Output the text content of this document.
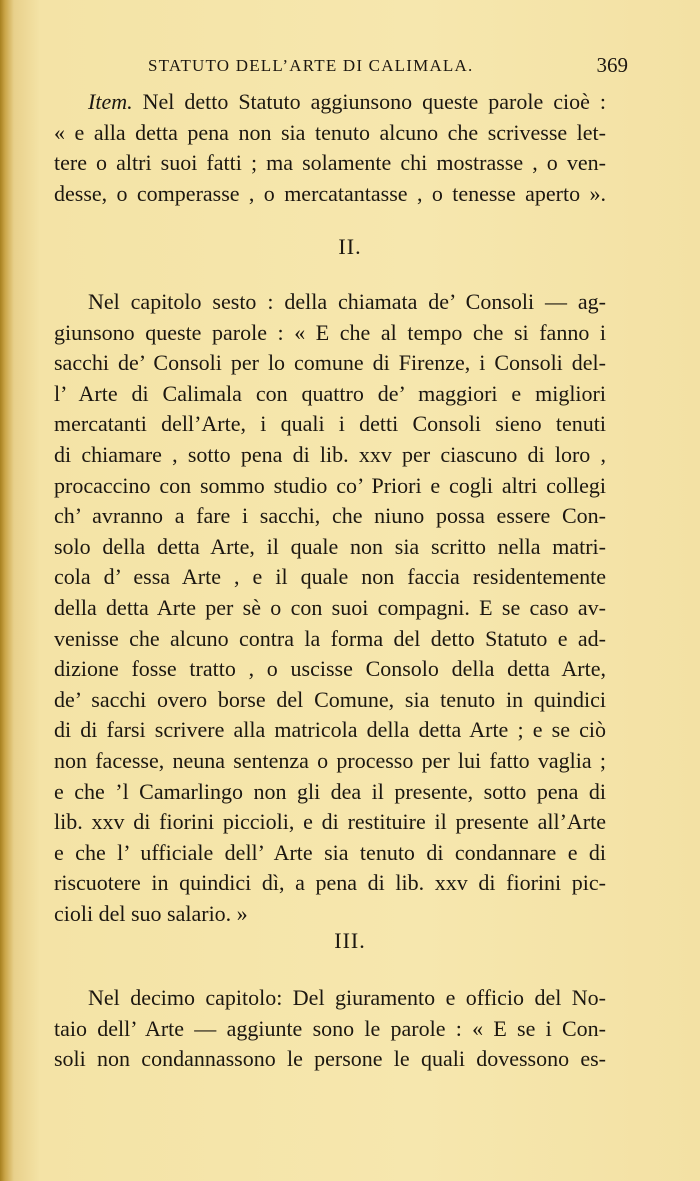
STATUTO DELL’ARTE DI CALIMALA.	369
Item. Nel detto Statuto aggiunsono queste parole cioè :
« e alla detta pena non sia tenuto alcuno che scrivesse let-
tere o altri suoi fatti ; ma solamente chi mostrasse , o ven-
desse, o comperasse , o mercatantasse , o tenesse aperto ».
II.
Nel capitolo sesto : della chiamata de’ Consoli — ag-
giunsono queste parole : « E che al tempo che si fanno i
sacchi de’ Consoli per lo comune di Firenze, i Consoli del-
l’ Arte di Calimala con quattro de’ maggiori e migliori
mercatanti dell’Arte, i quali i detti Consoli sieno tenuti
di chiamare , sotto pena di lib. xxv per ciascuno di loro ,
procaccino con sommo studio co’ Priori e cogli altri collegi
ch’ avranno a fare i sacchi, che niuno possa essere Con-
solo della detta Arte, il quale non sia scritto nella matri-
cola d’ essa Arte , e il quale non faccia residentemente
della detta Arte per sè o con suoi compagni. E se caso av-
venisse che alcuno contra la forma del detto Statuto e ad-
dizione fosse tratto , o uscisse Consolo della detta Arte,
de’ sacchi overo borse del Comune, sia tenuto in quindici
di di farsi scrivere alla matricola della detta Arte ; e se ciò
non facesse, neuna sentenza o processo per lui fatto vaglia ;
e che ’l Camarlingo non gli dea il presente, sotto pena di
lib. xxv di fiorini piccioli, e di restituire il presente all’Arte
e che l’ ufficiale dell’ Arte sia tenuto di condannare e di
riscuotere in quindici dì, a pena di lib. xxv di fiorini pic-
cioli del suo salario. »
III.
Nel decimo capitolo: Del giuramento e officio del No-
taio dell’ Arte — aggiunte sono le parole : « E se i Con-
soli non condannassono le persone le quali dovessono es-
